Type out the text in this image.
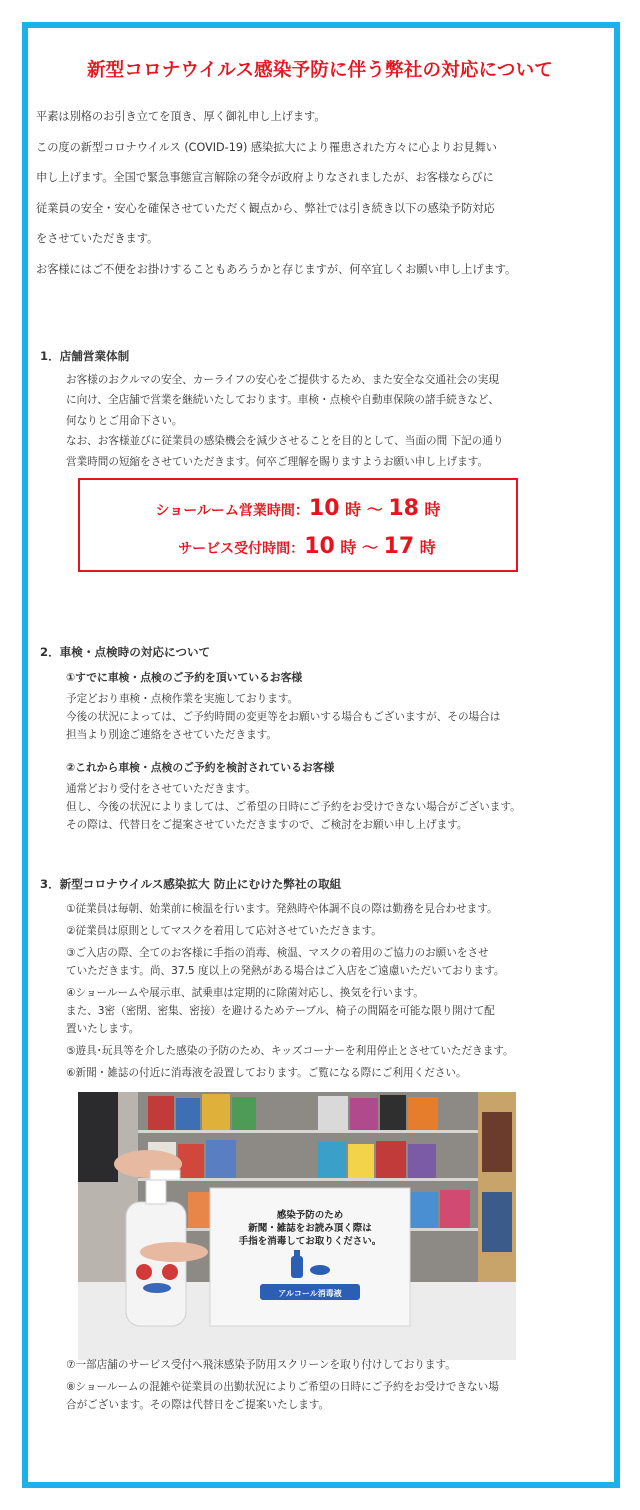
新型コロナウイルス感染予防に伴う弊社の対応について

平素は別格のお引き立てを頂き、厚く御礼申し上げます。

この度の新型コロナウイルス (COVID-19) 感染拡大により罹患された方々に心よりお見舞い

申し上げます。全国で緊急事態宣言解除の発令が政府よりなされましたが、お客様ならびに

従業員の安全・安心を確保させていただく観点から、弊社では引き続き以下の感染予防対応

をさせていただきます。

お客様にはご不便をお掛けすることもあろうかと存じますが、何卒宜しくお願い申し上げます。

1．店舗営業体制

お客様のおクルマの安全、カーライフの安心をご提供するため、また安全な交通社会の実現

に向け、全店舗で営業を継続いたしております。車検・点検や自動車保険の諸手続きなど、

何なりとご用命下さい。

なお、お客様並びに従業員の感染機会を減少させることを目的として、当面の間 下記の通り

営業時間の短縮をさせていただきます。何卒ご理解を賜りますようお願い申し上げます。

ショールーム営業時間：10 時 〜 18 時
サービス受付時間：10 時 〜 17 時
2．車検・点検時の対応について
①すでに車検・点検のご予約を頂いているお客様

予定どおり車検・点検作業を実施しております。

今後の状況によっては、ご予約時間の変更等をお願いする場合もございますが、その場合は

担当より別途ご連絡をさせていただきます。

②これから車検・点検のご予約を検討されているお客様

通常どおり受付をさせていただきます。

但し、今後の状況によりましては、ご希望の日時にご予約をお受けできない場合がございます。

その際は、代替日をご提案させていただきますので、ご検討をお願い申し上げます。

3．新型コロナウイルス感染拡大 防止にむけた弊社の取組

①従業員は毎朝、始業前に検温を行います。発熱時や体調不良の際は勤務を見合わせます。

②従業員は原則としてマスクを着用して応対させていただきます。

③ご入店の際、全てのお客様に手指の消毒、検温、マスクの着用のご協力のお願いをさせ

ていただきます。尚、37.5 度以上の発熱がある場合はご入店をご遠慮いただいております。

④ショールームや展示車、試乗車は定期的に除菌対応し、換気を行います。

また、3密（密閉、密集、密接）を避けるためテーブル、椅子の間隔を可能な限り開けて配

置いたします。

⑤遊具･玩具等を介した感染の予防のため、キッズコーナーを利用停止とさせていただきます。

⑥新聞・雑誌の付近に消毒液を設置しております。ご覧になる際にご利用ください。

感染予防のため
新聞・雑誌をお読み頂く際は
手指を消毒してお取りください。
アルコール消毒液

⑦一部店舗のサービス受付へ飛沫感染予防用スクリーンを取り付けしております。

⑧ショールームの混雑や従業員の出勤状況によりご希望の日時にご予約をお受けできない場

合がございます。その際は代替日をご提案いたします。
